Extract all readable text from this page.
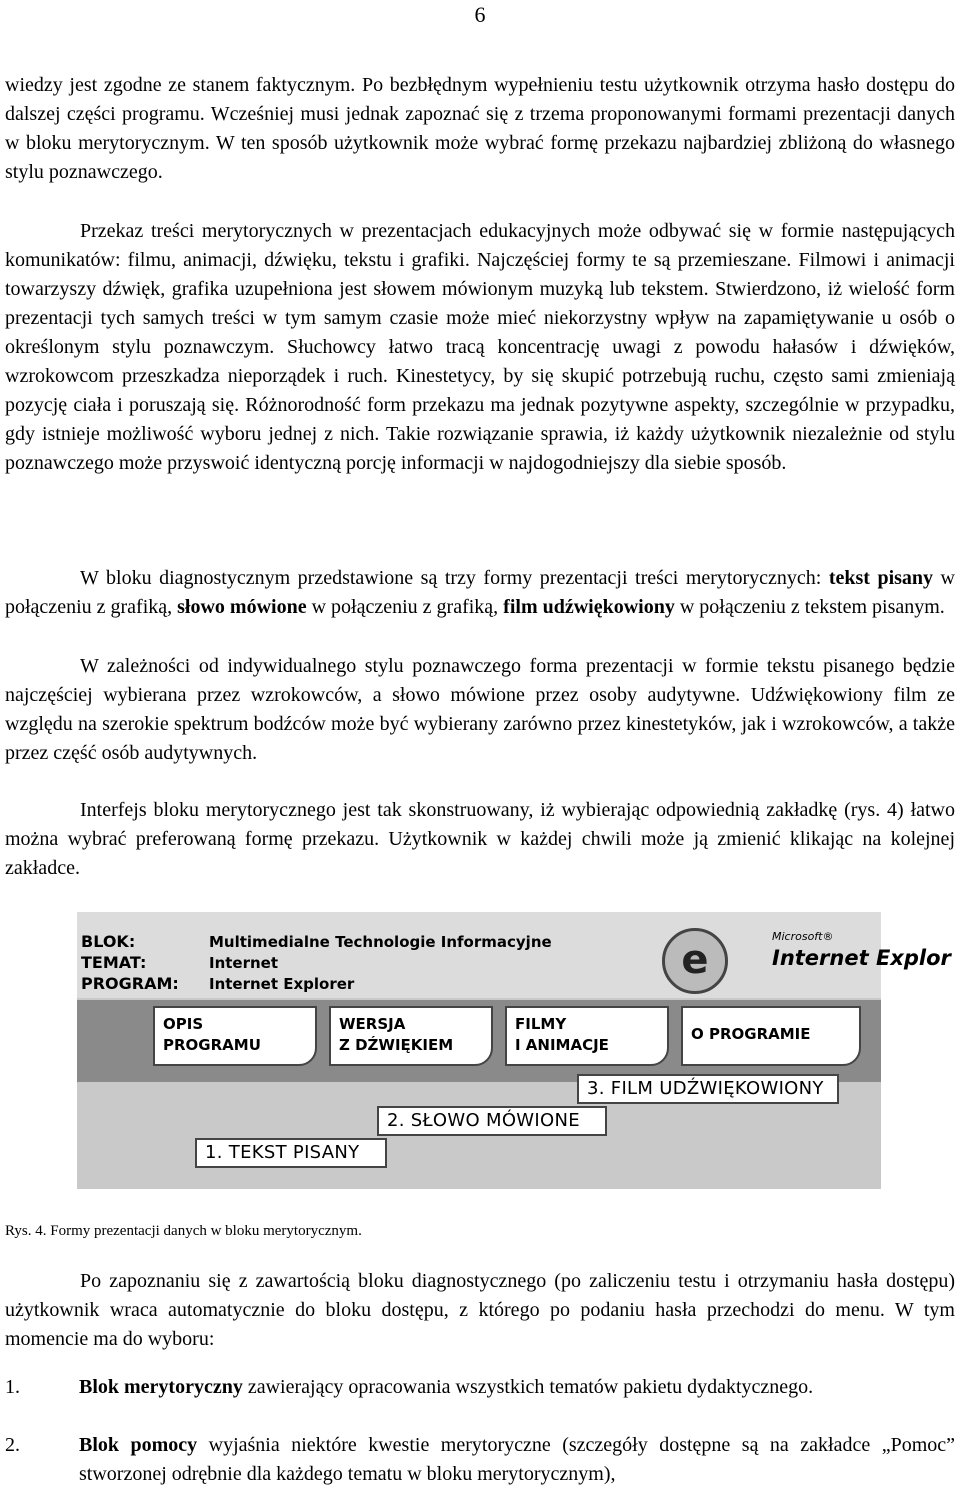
6

wiedzy jest zgodne ze stanem faktycznym. Po bezbłędnym wypełnieniu testu użytkownik otrzyma hasło dostępu do dalszej części programu. Wcześniej musi jednak zapoznać się z trzema proponowanymi formami prezentacji danych w bloku merytorycznym. W ten sposób użytkownik może wybrać formę przekazu najbardziej zbliżoną do własnego stylu poznawczego.

Przekaz treści merytorycznych w prezentacjach edukacyjnych może odbywać się w formie następujących komunikatów: filmu, animacji, dźwięku, tekstu i grafiki. Najczęściej formy te są przemieszane. Filmowi i animacji towarzyszy dźwięk, grafika uzupełniona jest słowem mówionym muzyką lub tekstem. Stwierdzono, iż wielość form prezentacji tych samych treści w tym samym czasie może mieć niekorzystny wpływ na zapamiętywanie u osób o określonym stylu poznawczym. Słuchowcy łatwo tracą koncentrację uwagi z powodu hałasów i dźwięków, wzrokowcom przeszkadza nieporządek i ruch. Kinestetycy, by się skupić potrzebują ruchu, często sami zmieniają pozycję ciała i poruszają się. Różnorodność form przekazu ma jednak pozytywne aspekty, szczególnie w przypadku, gdy istnieje możliwość wyboru jednej z nich. Takie rozwiązanie sprawia, iż każdy użytkownik niezależnie od stylu poznawczego może przyswoić identyczną porcję informacji w najdogodniejszy dla siebie sposób.

W bloku diagnostycznym przedstawione są trzy formy prezentacji treści merytorycznych: tekst pisany w połączeniu z grafiką, słowo mówione w połączeniu z grafiką, film udźwiękowiony w połączeniu z tekstem pisanym.

W zależności od indywidualnego stylu poznawczego forma prezentacji w formie tekstu pisanego będzie najczęściej wybierana przez wzrokowców, a słowo mówione przez osoby audytywne. Udźwiękowiony film ze względu na szerokie spektrum bodźców może być wybierany zarówno przez kinestetyków, jak i wzrokowców, a także przez część osób audytywnych.

Interfejs bloku merytorycznego jest tak skonstruowany, iż wybierając odpowiednią zakładkę (rys. 4) łatwo można wybrać preferowaną formę przekazu. Użytkownik w każdej chwili może ją zmienić klikając na kolejnej zakładce.

BLOK:	Multimedialne Technologie Informacyjne
TEMAT:	Internet
PROGRAM: Internet Explorer
e
Microsoft®
Internet Explor
OPIS
PROGRAMU
WERSJA
Z DŹWIĘKIEM
FILMY
I ANIMACJE
O PROGRAMIE
3. FILM UDŹWIĘKOWIONY
2. SŁOWO MÓWIONE
1. TEKST PISANY
Rys. 4. Formy prezentacji danych w bloku merytorycznym.

Po zapoznaniu się z zawartością bloku diagnostycznego (po zaliczeniu testu i otrzymaniu hasła dostępu) użytkownik wraca automatycznie do bloku dostępu, z którego po podaniu hasła przechodzi do menu. W tym momencie ma do wyboru:

1.	Blok merytoryczny zawierający opracowania wszystkich tematów pakietu dydaktycznego.

2.	Blok pomocy wyjaśnia niektóre kwestie merytoryczne (szczegóły dostępne są na zakładce „Pomoc” stworzonej odrębnie dla każdego tematu w bloku merytorycznym),
